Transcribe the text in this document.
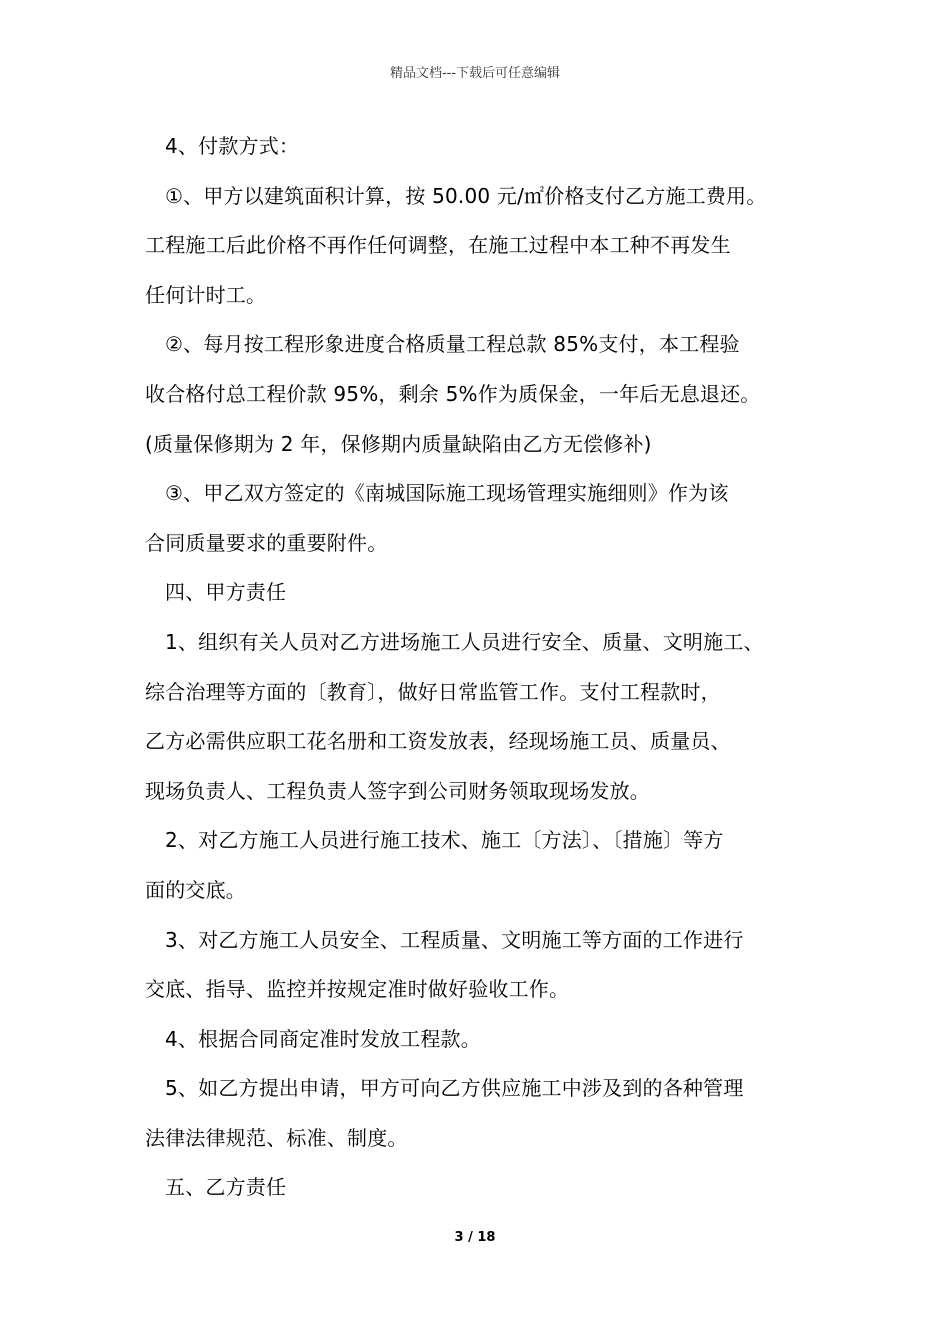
精品文档---下载后可任意编辑
4、付款方式：
①、甲方以建筑面积计算，按 50.00 元/㎡价格支付乙方施工费用。
工程施工后此价格不再作任何调整，在施工过程中本工种不再发生
任何计时工。
②、每月按工程形象进度合格质量工程总款 85%支付，本工程验
收合格付总工程价款 95%，剩余 5%作为质保金，一年后无息退还。
(质量保修期为 2 年，保修期内质量缺陷由乙方无偿修补)
③、甲乙双方签定的《南城国际施工现场管理实施细则》作为该
合同质量要求的重要附件。
四、甲方责任
1、组织有关人员对乙方进场施工人员进行安全、质量、文明施工、
综合治理等方面的〔教育〕，做好日常监管工作。支付工程款时，
乙方必需供应职工花名册和工资发放表，经现场施工员、质量员、
现场负责人、工程负责人签字到公司财务领取现场发放。
2、对乙方施工人员进行施工技术、施工〔方法〕、〔措施〕等方
面的交底。
3、对乙方施工人员安全、工程质量、文明施工等方面的工作进行
交底、指导、监控并按规定准时做好验收工作。
4、根据合同商定准时发放工程款。
5、如乙方提出申请，甲方可向乙方供应施工中涉及到的各种管理
法律法律规范、标准、制度。
五、乙方责任
3 / 18
